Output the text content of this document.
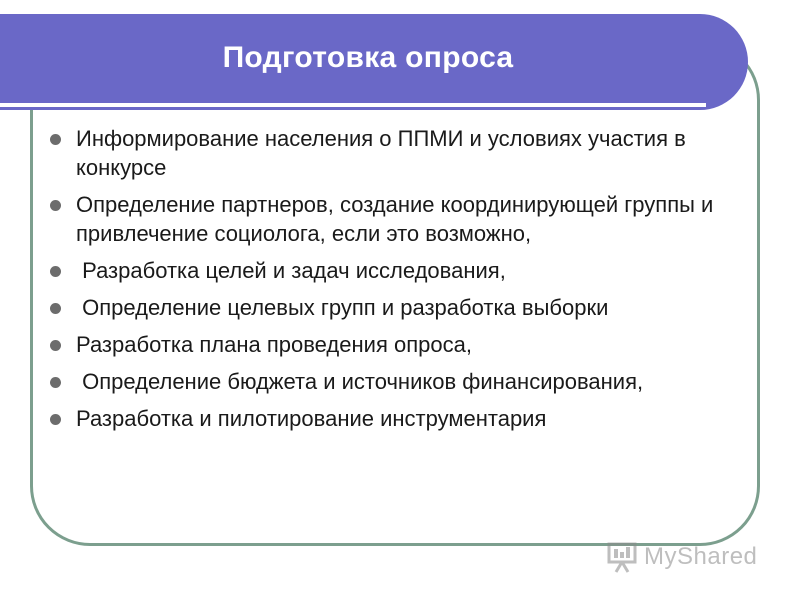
Подготовка опроса
Информирование населения о ППМИ и условиях участия в конкурсе
Определение партнеров, создание координирующей группы и привлечение социолога, если это возможно,
Разработка целей и задач исследования,
Определение целевых групп и разработка выборки
Разработка плана проведения опроса,
Определение бюджета и источников финансирования,
Разработка и пилотирование инструментария
MyShared
